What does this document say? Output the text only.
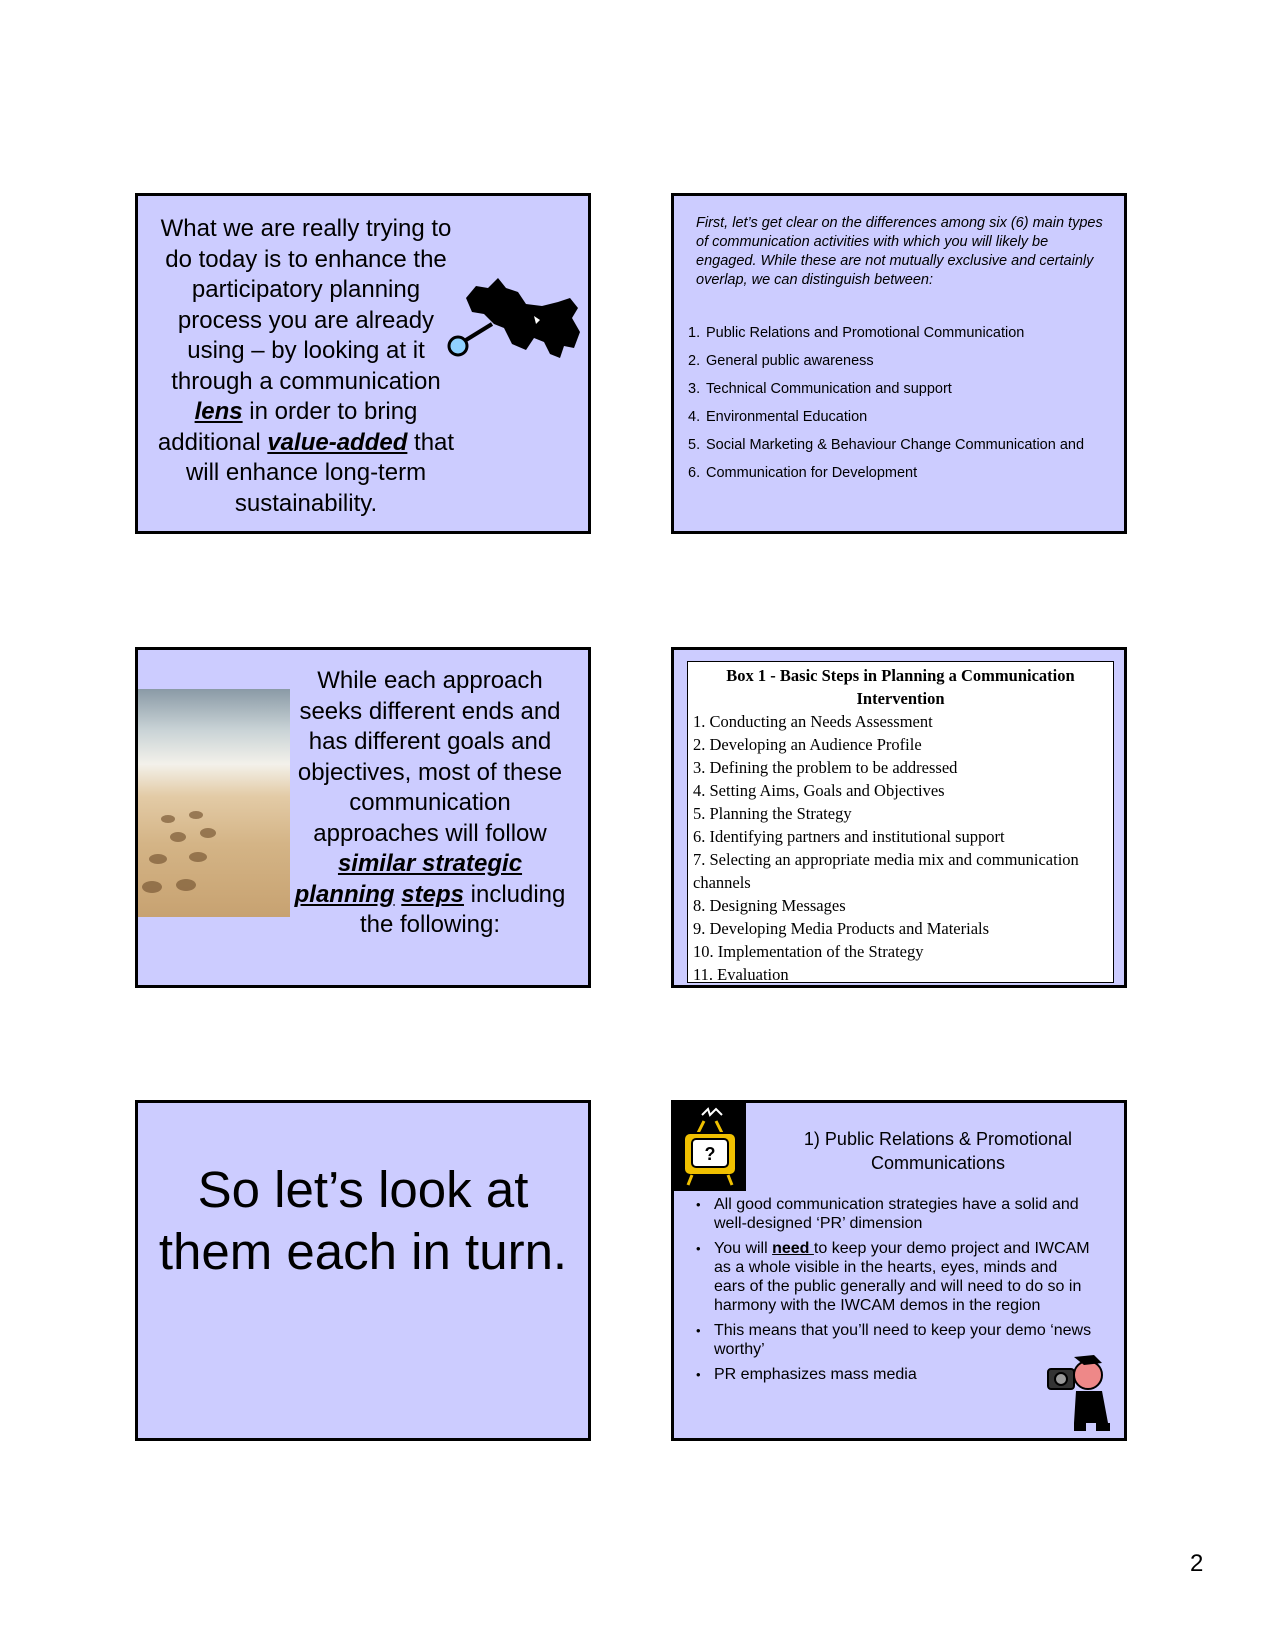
What we are really trying to do today is to enhance the participatory planning process you are already using – by looking at it through a communication lens in order to bring additional value-added that will enhance long-term sustainability.
First, let’s get clear on the differences among six (6) main types of communication activities with which you will likely be engaged. While these are not mutually exclusive and certainly overlap, we can distinguish between:
1. Public Relations and Promotional Communication
2. General public awareness
3. Technical Communication and support
4. Environmental Education
5. Social Marketing & Behaviour Change Communication and
6. Communication for Development
While each approach seeks different ends and has different goals and objectives, most of these communication approaches will follow similar strategic planning steps including the following:
Box 1 - Basic Steps in Planning a Communication Intervention
1. Conducting an Needs Assessment
2. Developing an Audience Profile
3. Defining the problem to be addressed
4. Setting Aims, Goals and Objectives
5. Planning the Strategy
6. Identifying partners and institutional support
7. Selecting an appropriate media mix and communication channels
8. Designing Messages
9. Developing Media Products and Materials
10. Implementation of the Strategy
11. Evaluation
So let’s look at them each in turn.
?
1) Public Relations & Promotional Communications
• All good communication strategies have a solid and well-designed ‘PR’ dimension
• You will need to keep your demo project and IWCAM as a whole visible in the hearts, eyes, minds and ears of the public generally and will need to do so in harmony with the IWCAM demos in the region
• This means that you’ll need to keep your demo ‘news worthy’
• PR emphasizes mass media
2
